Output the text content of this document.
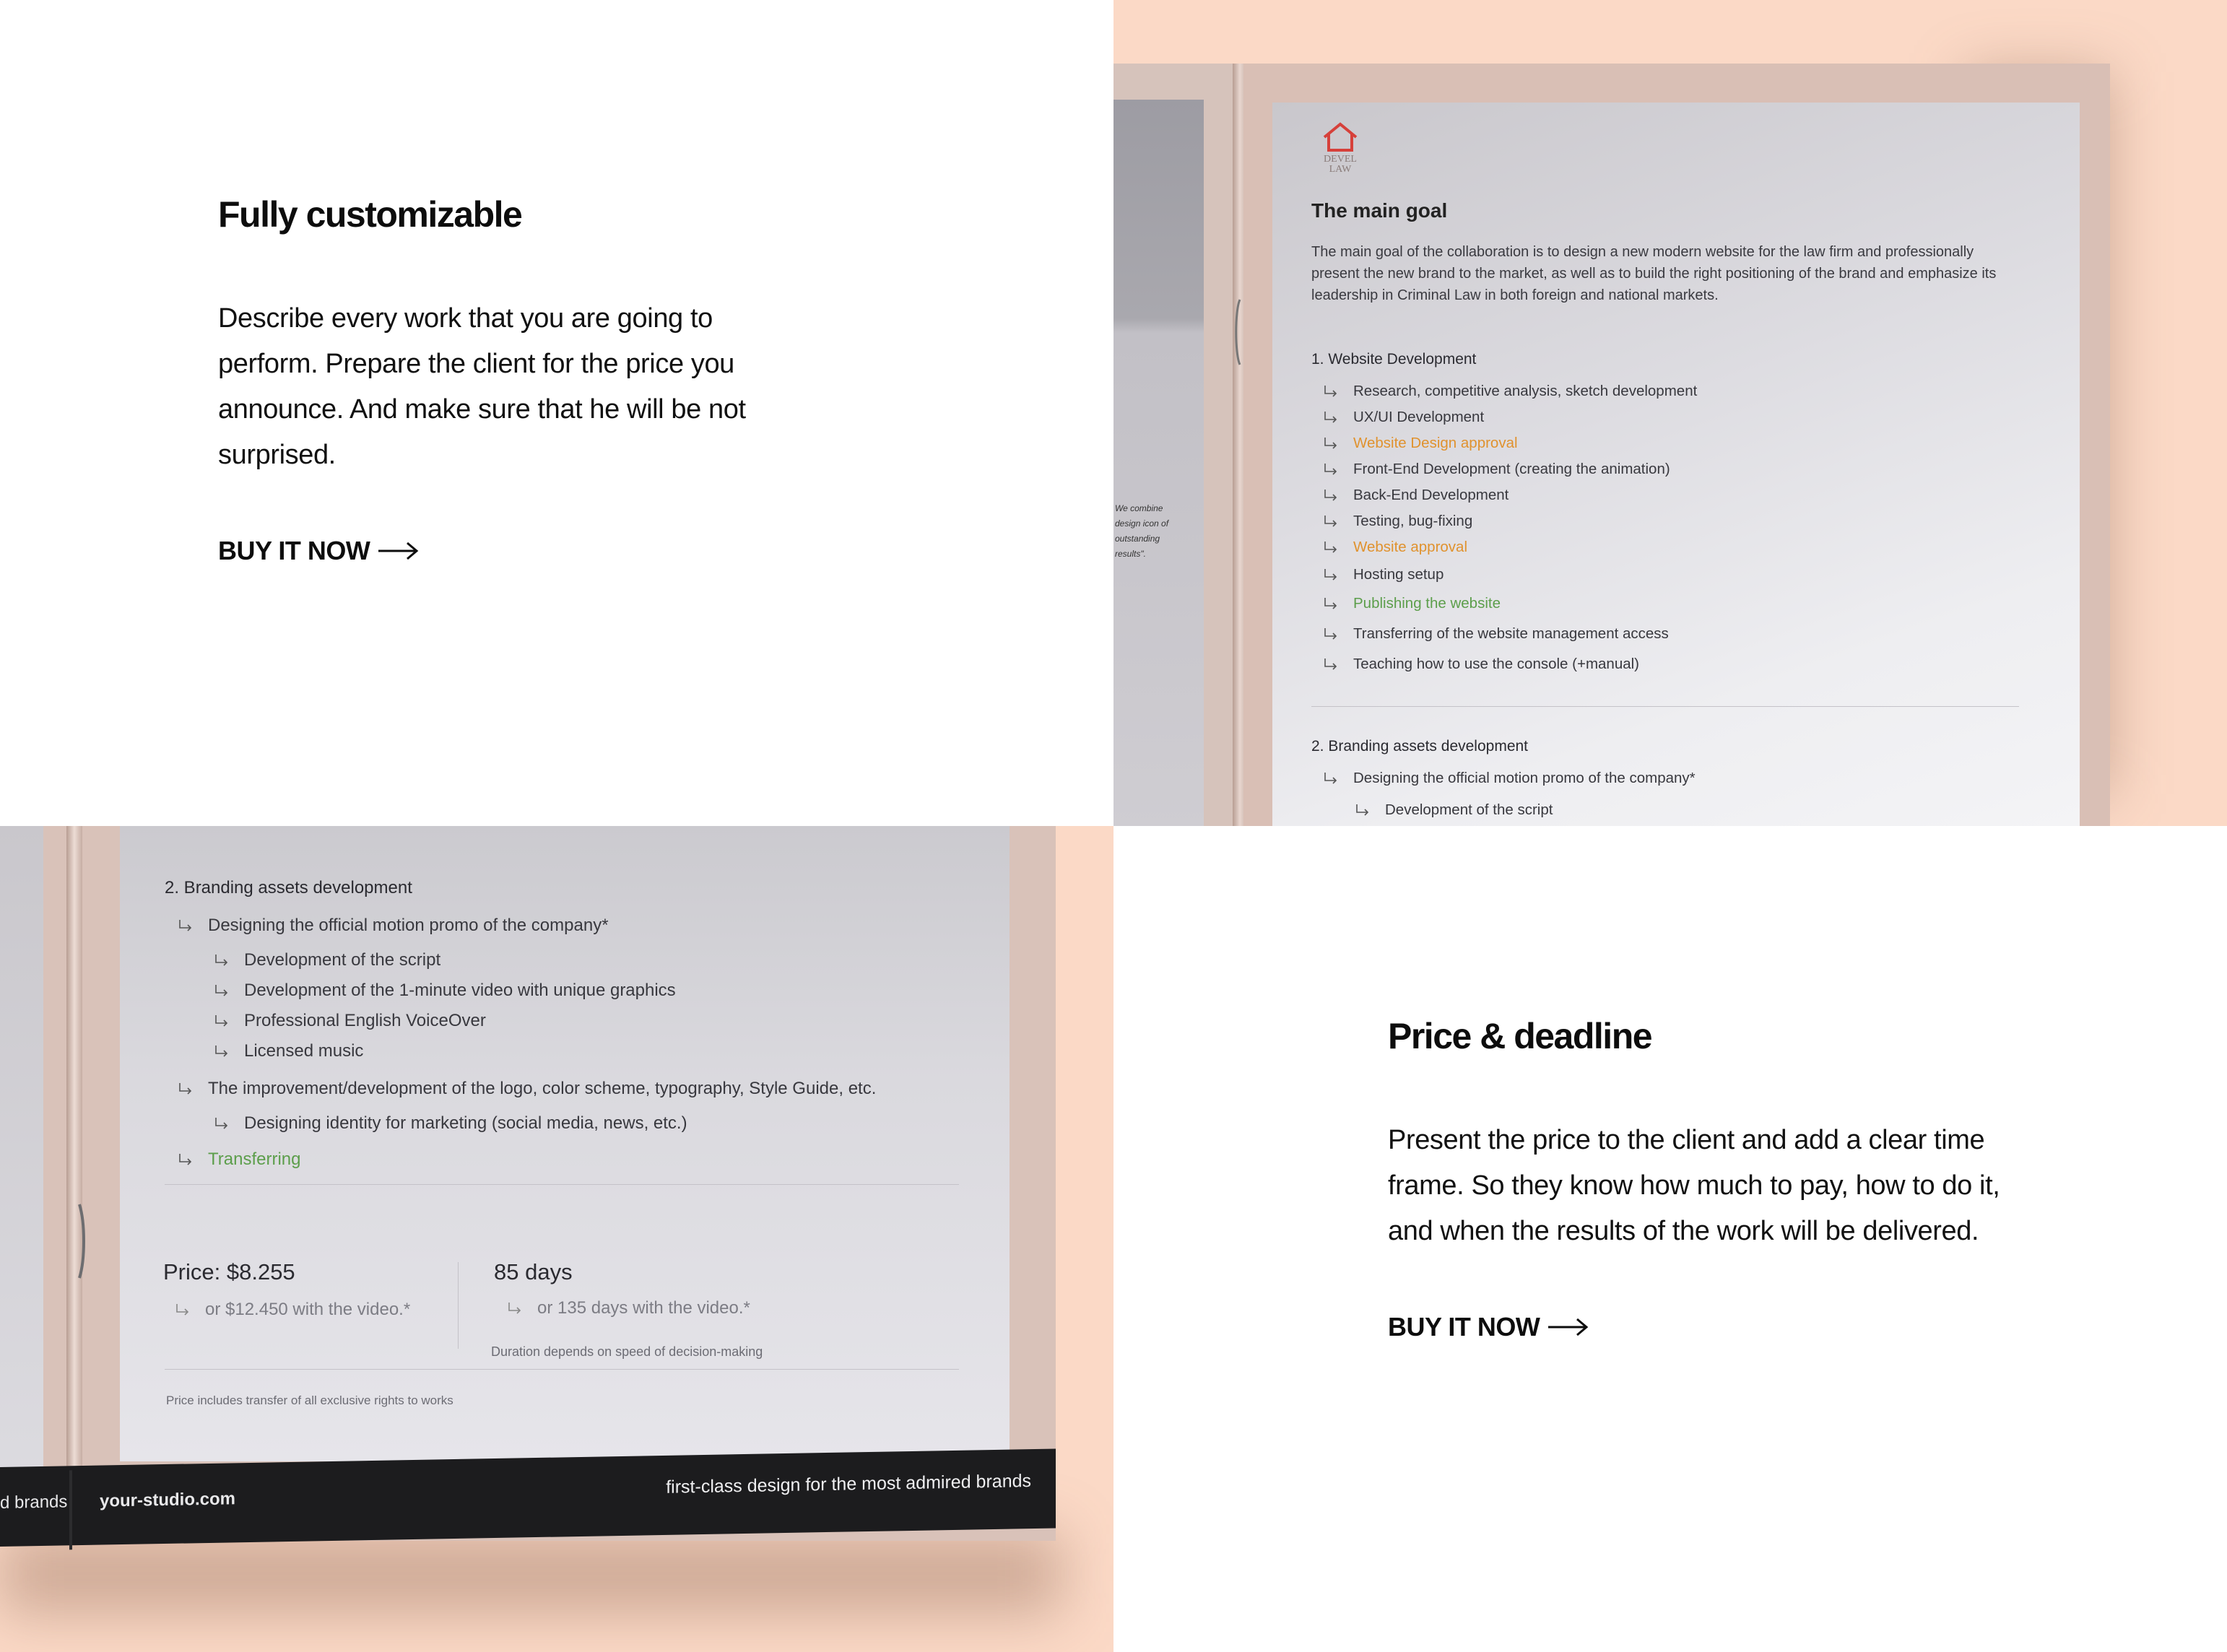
Fully customizable

Describe every work that you are going to perform. Prepare the client for the price you announce. And make sure that he will be not surprised.

BUY IT NOW
We combine
design icon of
outstanding
results".
DEVEL
LAW
The main goal
The main goal of the collaboration is to design a new modern website for the law firm and professionally present the new brand to the market, as well as to build the right positioning of the brand and emphasize its leadership in Criminal Law in both foreign and national markets.
1. Website Development
Research, competitive analysis, sketch development
UX/UI Development
Website Design approval
Front-End Development (creating the animation)
Back-End Development
Testing, bug-fixing
Website approval
Hosting setup
Publishing the website
Transferring of the website management access
Teaching how to use the console (+manual)
2. Branding assets development
Designing the official motion promo of the company*
Development of the script
2. Branding assets development
Designing the official motion promo of the company*
Development of the script
Development of the 1-minute video with unique graphics
Professional English VoiceOver
Licensed music
The improvement/development of the logo, color scheme, typography, Style Guide, etc.
Designing identity for marketing (social media, news, etc.)
Transferring
Price: $8.255
or $12.450 with the video.*
85 days
or 135 days with the video.*
Duration depends on speed of decision-making
Price includes transfer of all exclusive rights to works
d brands your-studio.com
first-class design for the most admired brands
Price & deadline

Present the price to the client and add a clear time frame. So they know how much to pay, how to do it, and when the results of the work will be delivered.

BUY IT NOW
